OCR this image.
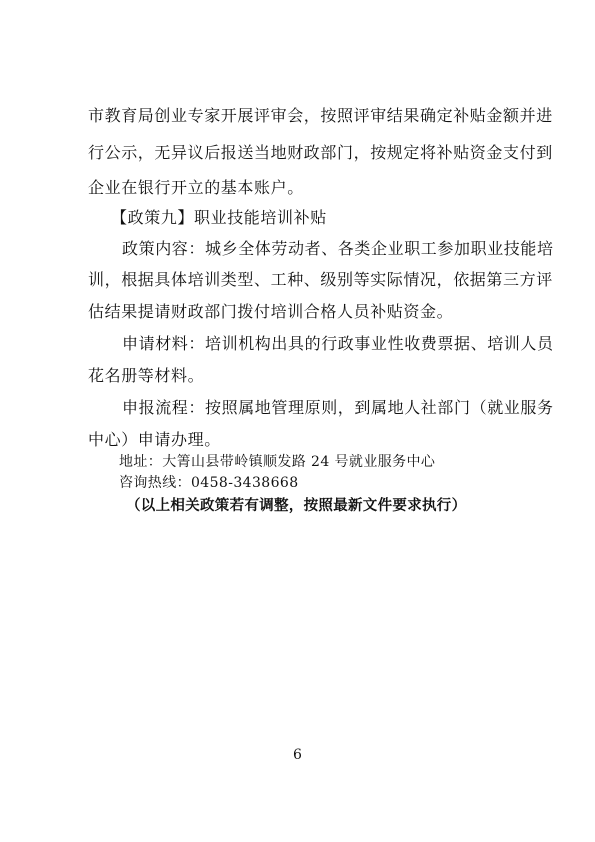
市教育局创业专家开展评审会，按照评审结果确定补贴金额并进
行公示，无异议后报送当地财政部门，按规定将补贴资金支付到
企业在银行开立的基本账户。
【政策九】职业技能培训补贴
政策内容：城乡全体劳动者、各类企业职工参加职业技能培
训，根据具体培训类型、工种、级别等实际情况，依据第三方评
估结果提请财政部门拨付培训合格人员补贴资金。
申请材料：培训机构出具的行政事业性收费票据、培训人员
花名册等材料。
申报流程：按照属地管理原则，到属地人社部门（就业服务
中心）申请办理。
地址：大箐山县带岭镇顺发路 24 号就业服务中心
咨询热线：0458-3438668
（以上相关政策若有调整，按照最新文件要求执行）
6
